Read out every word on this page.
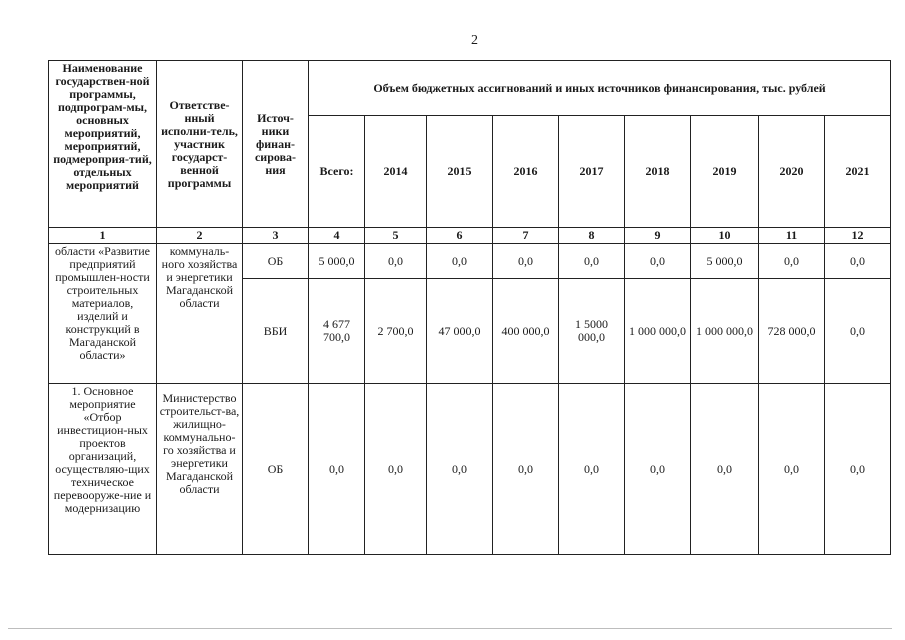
2
Наименование государствен-ной программы, подпрограм-мы, основных мероприятий, мероприятий, подмероприя-тий, отдельных мероприятий	Ответстве-нный исполни-тель, участник государст-венной программы	Источ-ники финан-сирова-ния	Объем бюджетных ассигнований и иных источников финансирования, тыс. рублей								
			Всего:	2014	2015	2016	2017	2018	2019	2020	2021
1	2	3	4	5	6	7	8	9	10	11	12
области «Развитие предприятий промышлен-ности строительных материалов, изделий и конструкций в Магаданской области»	коммуналь-ного хозяйства и энергетики Магаданской области	ОБ	5 000,0	0,0	0,0	0,0	0,0	0,0	5 000,0	0,0	0,0
		ВБИ	4 677 700,0	2 700,0	47 000,0	400 000,0	1 5000 000,0	1 000 000,0	1 000 000,0	728 000,0	0,0
1. Основное мероприятие «Отбор инвестицион-ных проектов организаций, осуществляю-щих техническое перевооруже-ние и модернизацию	Министерство строительст-ва, жилищно-коммунально-го хозяйства и энергетики Магаданской области	ОБ	0,0	0,0	0,0	0,0	0,0	0,0	0,0	0,0	0,0
